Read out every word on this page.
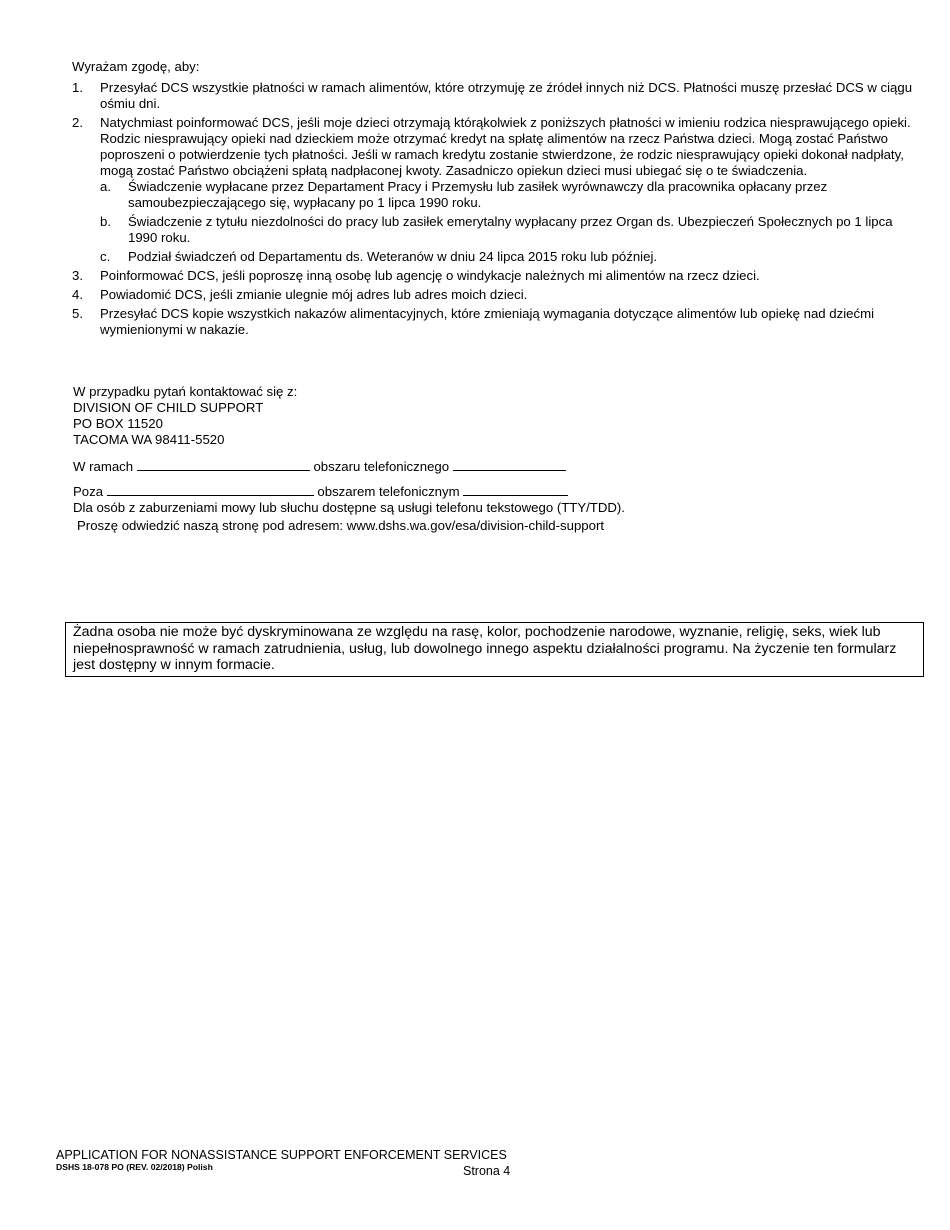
Wyrażam zgodę, aby:
1. Przesyłać DCS wszystkie płatności w ramach alimentów, które otrzymuję ze źródeł innych niż DCS. Płatności muszę przesłać DCS w ciągu ośmiu dni.
2. Natychmiast poinformować DCS, jeśli moje dzieci otrzymają którąkolwiek z poniższych płatności w imieniu rodzica niesprawującego opieki. Rodzic niesprawujący opieki nad dzieckiem może otrzymać kredyt na spłatę alimentów na rzecz Państwa dzieci. Mogą zostać Państwo poproszeni o potwierdzenie tych płatności. Jeśli w ramach kredytu zostanie stwierdzone, że rodzic niesprawujący opieki dokonał nadpłaty, mogą zostać Państwo obciążeni spłatą nadpłaconej kwoty. Zasadniczo opiekun dzieci musi ubiegać się o te świadczenia.
a. Świadczenie wypłacane przez Departament Pracy i Przemysłu lub zasiłek wyrównawczy dla pracownika opłacany przez samoubezpieczającego się, wypłacany po 1 lipca 1990 roku.
b. Świadczenie z tytułu niezdolności do pracy lub zasiłek emerytalny wypłacany przez Organ ds. Ubezpieczeń Społecznych po 1 lipca 1990 roku.
c. Podział świadczeń od Departamentu ds. Weteranów w dniu 24 lipca 2015 roku lub później.
3. Poinformować DCS, jeśli poproszę inną osobę lub agencję o windykacje należnych mi alimentów na rzecz dzieci.
4. Powiadomić DCS, jeśli zmianie ulegnie mój adres lub adres moich dzieci.
5. Przesyłać DCS kopie wszystkich nakazów alimentacyjnych, które zmieniają wymagania dotyczące alimentów lub opiekę nad dziećmi wymienionymi w nakazie.
W przypadku pytań kontaktować się z:
DIVISION OF CHILD SUPPORT
PO BOX 11520
TACOMA WA 98411-5520
W ramach	obszaru telefonicznego
Poza	obszarem telefonicznym
Dla osób z zaburzeniami mowy lub słuchu dostępne są usługi telefonu tekstowego (TTY/TDD).
Proszę odwiedzić naszą stronę pod adresem: www.dshs.wa.gov/esa/division-child-support
Żadna osoba nie może być dyskryminowana ze względu na rasę, kolor, pochodzenie narodowe, wyznanie, religię, seks, wiek lub niepełnosprawność w ramach zatrudnienia, usług, lub dowolnego innego aspektu działalności programu. Na życzenie ten formularz jest dostępny w innym formacie.
APPLICATION FOR NONASSISTANCE SUPPORT ENFORCEMENT SERVICES
DSHS 18-078 PO (REV. 02/2018) Polish	Strona 4
